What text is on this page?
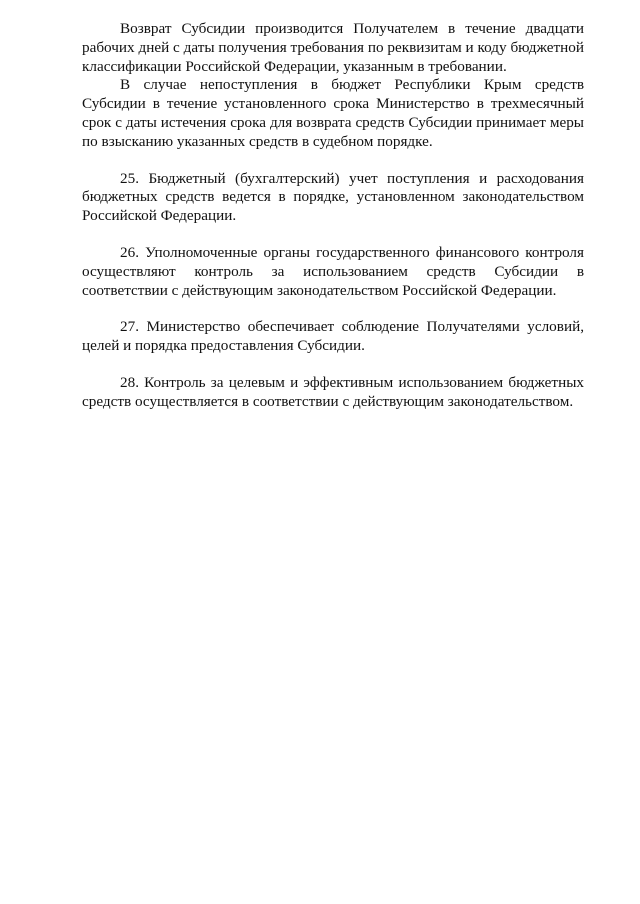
Возврат Субсидии производится Получателем в течение двадцати рабочих дней с даты получения требования по реквизитам и коду бюджетной классификации Российской Федерации, указанным в требовании.

В случае непоступления в бюджет Республики Крым средств Субсидии в течение установленного срока Министерство в трехмесячный срок с даты истечения срока для возврата средств Субсидии принимает меры по взысканию указанных средств в судебном порядке.

25. Бюджетный (бухгалтерский) учет поступления и расходования бюджетных средств ведется в порядке, установленном законодательством Российской Федерации.

26. Уполномоченные органы государственного финансового контроля осуществляют контроль за использованием средств Субсидии в соответствии с действующим законодательством Российской Федерации.

27. Министерство обеспечивает соблюдение Получателями условий, целей и порядка предоставления Субсидии.

28. Контроль за целевым и эффективным использованием бюджетных средств осуществляется в соответствии с действующим законодательством.
